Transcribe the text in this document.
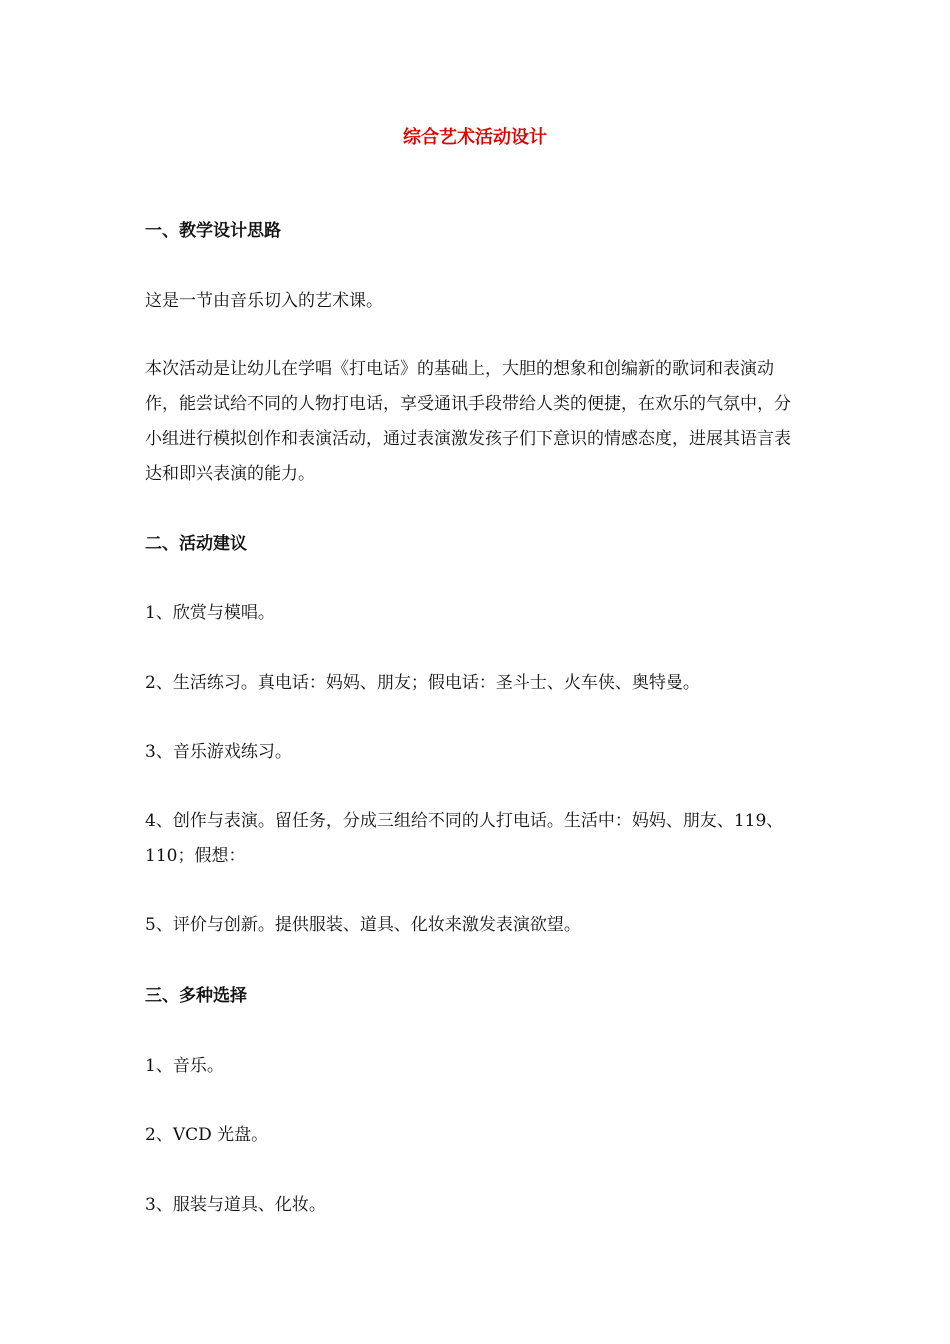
综合艺术活动设计

一、教学设计思路

这是一节由音乐切入的艺术课。

本次活动是让幼儿在学唱《打电话》的基础上，大胆的想象和创编新的歌词和表演动作，能尝试给不同的人物打电话，享受通讯手段带给人类的便捷，在欢乐的气氛中，分小组进行模拟创作和表演活动，通过表演激发孩子们下意识的情感态度，进展其语言表达和即兴表演的能力。

二、活动建议

1、欣赏与模唱。

2、生活练习。真电话：妈妈、朋友；假电话：圣斗士、火车侠、奥特曼。

3、音乐游戏练习。

4、创作与表演。留任务，分成三组给不同的人打电话。生活中：妈妈、朋友、119、110；假想：

5、评价与创新。提供服装、道具、化妆来激发表演欲望。

三、多种选择

1、音乐。

2、VCD 光盘。

3、服装与道具、化妆。
